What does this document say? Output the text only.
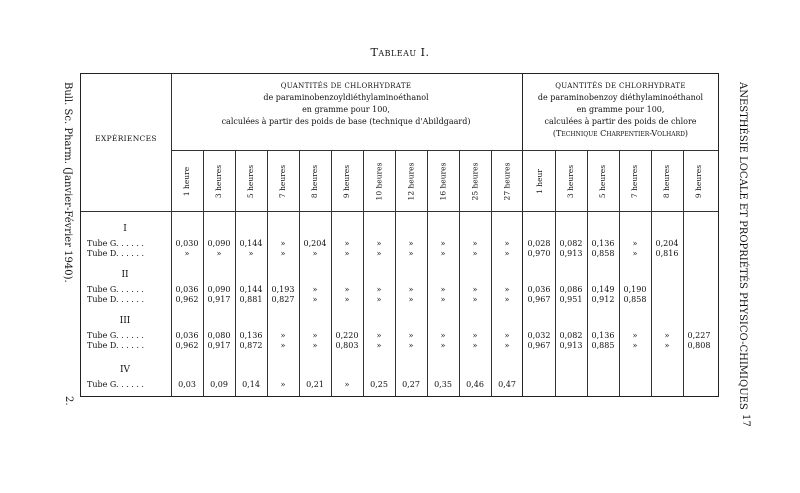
Tableau I.
Bull. Sc. Pharm. (Janvier-Février 1940).
2.	ANESTHÉSIE LOCALE ET PROPRIÉTÉS PHYSICO-CHIMIQUES
17
EXPÉRIENCES
QUANTITÉS DE CHLORHYDRATE
de paraminobenzoyldiéthylaminoéthanol
en gramme pour 100,
calculées à partir des poids de base (technique d'Abildgaard)
QUANTITÉS DE CHLORHYDRATE
de paraminobenzoy diéthylaminoéthanol
en gramme pour 100,
calculées à partir des poids de chlore
(Technique Charpentier-Volhard)
1 heure	3 heures	5 heures	7 heures	8 heures	9 heures	10 heures	12 heures	16 heures	25 heures	27 heures	1 heur	3 heures	5 heures	7 heures	8 heures	9 heures
I
Tube G. . . . . .	0,030	0,090	0,144	»	0,204	»	»	»	»	»	»	0,028	0,082	0,136	»	0,204
Tube D. . . . . .	»	»	»	»	»	»	»	»	»	»	»	0,970	0,913	0,858	»	0,816
II
Tube G. . . . . .	0,036	0,090	0,144	0,193	»	»	»	»	»	»	»	0,036	0,086	0,149	0,190
Tube D. . . . . .	0,962	0,917	0,881	0,827	»	»	»	»	»	»	»	0,967	0,951	0,912	0,858
III
Tube G. . . . . .	0,036	0,080	0,136	»	»	0,220	»	»	»	»	»	0,032	0,082	0,136	»	»	0,227
Tube D. . . . . .	0,962	0,917	0,872	»	»	0,803	»	»	»	»	»	0,967	0,913	0,885	»	»	0,808
IV
Tube G. . . . . .	0,03	0,09	0,14	»	0,21	»	0,25	0,27	0,35	0,46	0,47
